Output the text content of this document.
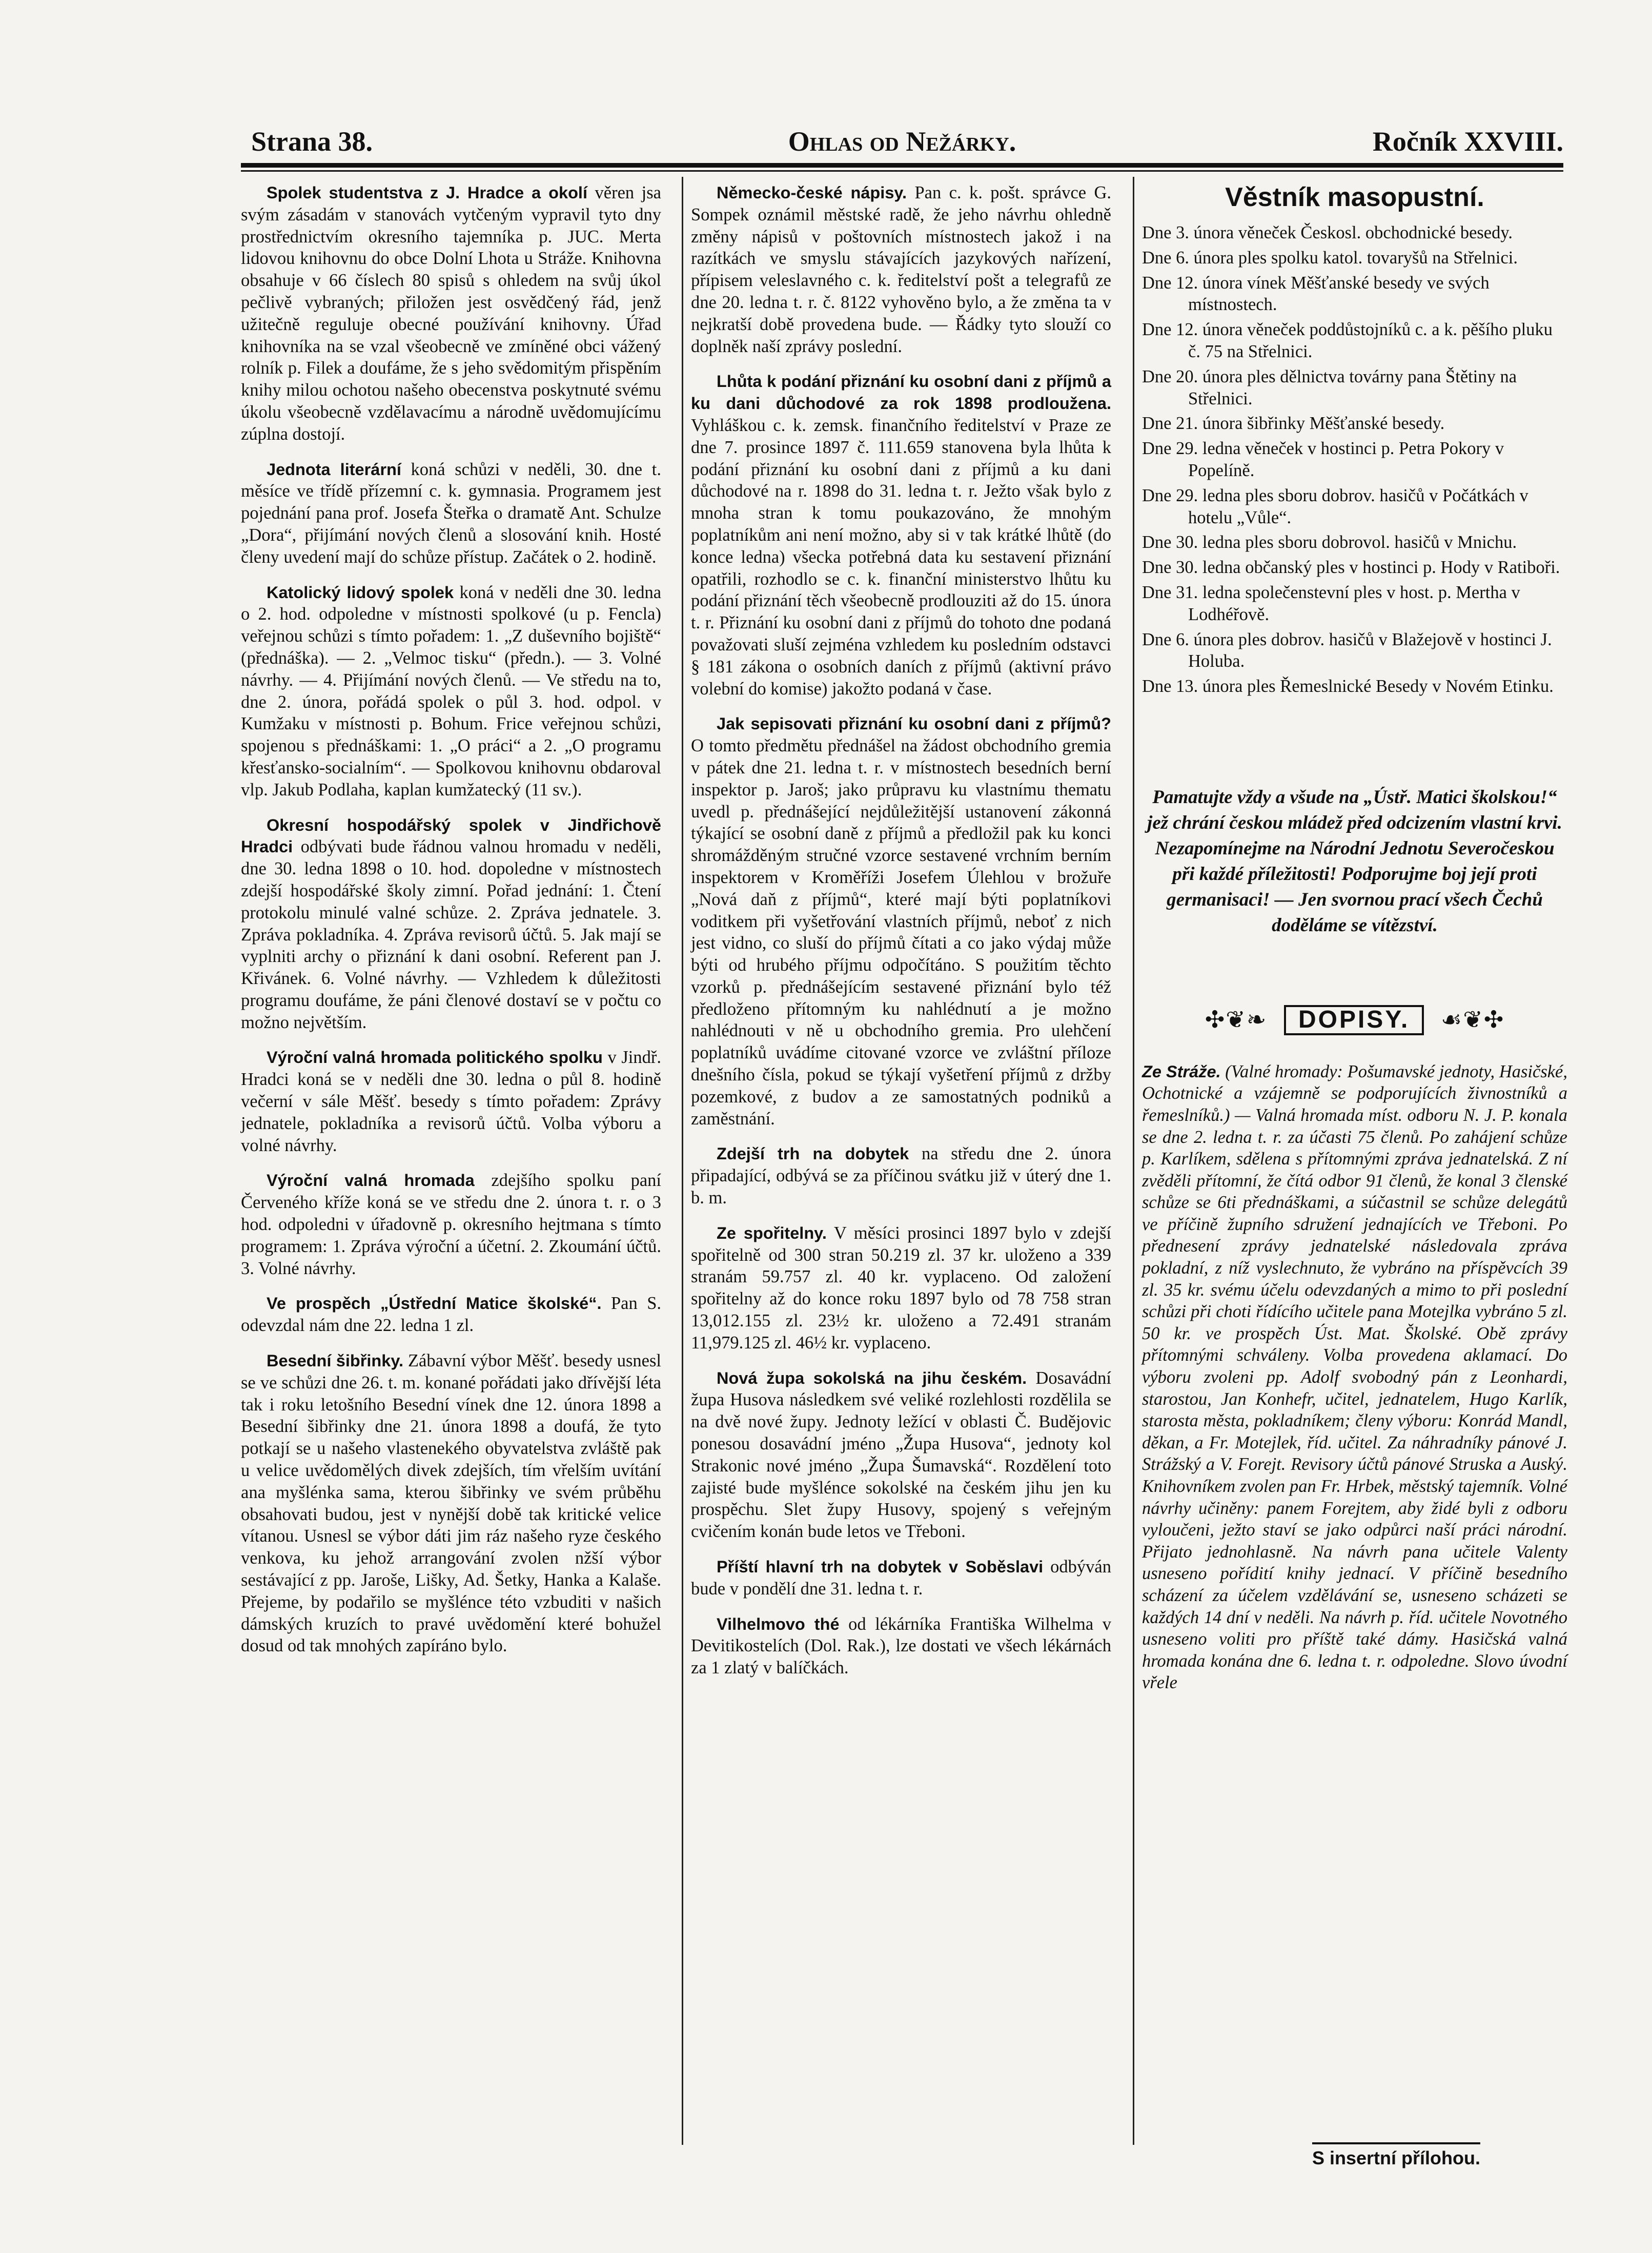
Strana 38.	Ohlas od Nežárky.	Ročník XXVIII.

Spolek studentstva z J. Hradce a okolí věren jsa svým zásadám v stanovách vytčeným vypravil tyto dny prostřednictvím okresního tajemníka p. JUC. Merta lidovou knihovnu do obce Dolní Lhota u Stráže. Knihovna obsahuje v 66 číslech 80 spisů s ohledem na svůj úkol pečlivě vybraných; přiložen jest osvědčený řád, jenž užitečně reguluje obecné používání knihovny. Úřad knihovníka na se vzal všeobecně ve zmíněné obci vážený rolník p. Filek a doufáme, že s jeho svědomitým přispěním knihy milou ochotou našeho obecenstva poskytnuté svému úkolu všeobecně vzdělavacímu a národně uvědomujícímu zúplna dostojí.

Jednota literární koná schůzi v neděli, 30. dne t. měsíce ve třídě přízemní c. k. gymnasia. Programem jest pojednání pana prof. Josefa Šteřka o dramatě Ant. Schulze „Dora“, přijímání nových členů a slosování knih. Hosté členy uvedení mají do schůze přístup. Začátek o 2. hodině.

Katolický lidový spolek koná v neděli dne 30. ledna o 2. hod. odpoledne v místnosti spolkové (u p. Fencla) veřejnou schůzi s tímto pořadem: 1. „Z duševního bojiště“ (přednáška). — 2. „Velmoc tisku“ (předn.). — 3. Volné návrhy. — 4. Přijímání nových členů. — Ve středu na to, dne 2. února, pořádá spolek o půl 3. hod. odpol. v Kumžaku v místnosti p. Bohum. Frice veřejnou schůzi, spojenou s přednáškami: 1. „O práci“ a 2. „O programu křesťansko-socialním“. — Spolkovou knihovnu obdaroval vlp. Jakub Podlaha, kaplan kumžatecký (11 sv.).

Okresní hospodářský spolek v Jindřichově Hradci odbývati bude řádnou valnou hromadu v neděli, dne 30. ledna 1898 o 10. hod. dopoledne v místnostech zdejší hospodářské školy zimní. Pořad jednání: 1. Čtení protokolu minulé valné schůze. 2. Zpráva jednatele. 3. Zpráva pokladníka. 4. Zpráva revisorů účtů. 5. Jak mají se vyplniti archy o přiznání k dani osobní. Referent pan J. Křivánek. 6. Volné návrhy. — Vzhledem k důležitosti programu doufáme, že páni členové dostaví se v počtu co možno největším.

Výroční valná hromada politického spolku v Jindř. Hradci koná se v neděli dne 30. ledna o půl 8. hodině večerní v sále Měšť. besedy s tímto pořadem: Zprávy jednatele, pokladníka a revisorů účtů. Volba výboru a volné návrhy.

Výroční valná hromada zdejšího spolku paní Červeného kříže koná se ve středu dne 2. února t. r. o 3 hod. odpoledni v úřadovně p. okresního hejtmana s tímto programem: 1. Zpráva výroční a účetní. 2. Zkoumání účtů. 3. Volné návrhy.

Ve prospěch „Ústřední Matice školské“. Pan S. odevzdal nám dne 22. ledna 1 zl.

Besední šibřinky. Zábavní výbor Měšť. besedy usnesl se ve schůzi dne 26. t. m. konané pořádati jako dřívější léta tak i roku letošního Besední vínek dne 12. února 1898 a Besední šibřinky dne 21. února 1898 a doufá, že tyto potkají se u našeho vlastenekého obyvatelstva zvláště pak u velice uvědomělých divek zdejších, tím vřelším uvítání ana myšlénka sama, kterou šibřinky ve svém průběhu obsahovati budou, jest v nynější době tak kritické velice vítanou. Usnesl se výbor dáti jim ráz našeho ryze českého venkova, ku jehož arrangování zvolen nžší výbor sestávající z pp. Jaroše, Lišky, Ad. Šetky, Hanka a Kalaše. Přejeme, by podařilo se myšlénce této vzbuditi v našich dámských kruzích to pravé uvědomění které bohužel dosud od tak mnohých zapíráno bylo.

Německo-české nápisy. Pan c. k. pošt. správce G. Sompek oznámil městské radě, že jeho návrhu ohledně změny nápisů v poštovních místnostech jakož i na razítkách ve smyslu stávajících jazykových nařízení, přípisem veleslavného c. k. ředitelství pošt a telegrafů ze dne 20. ledna t. r. č. 8122 vyhověno bylo, a že změna ta v nejkratší době provedena bude. — Řádky tyto slouží co doplněk naší zprávy poslední.

Lhůta k podání přiznání ku osobní dani z příjmů a ku dani důchodové za rok 1898 prodloužena. Vyhláškou c. k. zemsk. finančního ředitelství v Praze ze dne 7. prosince 1897 č. 111.659 stanovena byla lhůta k podání přiznání ku osobní dani z příjmů a ku dani důchodové na r. 1898 do 31. ledna t. r. Ježto však bylo z mnoha stran k tomu poukazováno, že mnohým poplatníkům ani není možno, aby si v tak krátké lhůtě (do konce ledna) všecka potřebná data ku sestavení přiznání opatřili, rozhodlo se c. k. finanční ministerstvo lhůtu ku podání přiznání těch všeobecně prodlouziti až do 15. února t. r. Přiznání ku osobní dani z příjmů do tohoto dne podaná považovati sluší zejména vzhledem ku posledním odstavci § 181 zákona o osobních daních z příjmů (aktivní právo volební do komise) jakožto podaná v čase.

Jak sepisovati přiznání ku osobní dani z příjmů? O tomto předmětu přednášel na žádost obchodního gremia v pátek dne 21. ledna t. r. v místnostech besedních berní inspektor p. Jaroš; jako průpravu ku vlastnímu thematu uvedl p. přednášející nejdůležitější ustanovení zákonná týkající se osobní daně z příjmů a předložil pak ku konci shromážděným stručné vzorce sestavené vrchním berním inspektorem v Kroměříži Josefem Úlehlou v brožuře „Nová daň z příjmů“, které mají býti poplatníkovi voditkem při vyšetřování vlastních příjmů, neboť z nich jest vidno, co sluší do příjmů čítati a co jako výdaj může býti od hrubého příjmu odpočítáno. S použitím těchto vzorků p. přednášejícím sestavené přiznání bylo též předloženo přítomným ku nahlédnutí a je možno nahlédnouti v ně u obchodního gremia. Pro ulehčení poplatníků uvádíme citované vzorce ve zvláštní příloze dnešního čísla, pokud se týkají vyšetření příjmů z držby pozemkové, z budov a ze samostatných podniků a zaměstnání.

Zdejší trh na dobytek na středu dne 2. února připadající, odbývá se za příčinou svátku již v úterý dne 1. b. m.

Ze spořitelny. V měsíci prosinci 1897 bylo v zdejší spořitelně od 300 stran 50.219 zl. 37 kr. uloženo a 339 stranám 59.757 zl. 40 kr. vyplaceno. Od založení spořitelny až do konce roku 1897 bylo od 78 758 stran 13,012.155 zl. 23½ kr. uloženo a 72.491 stranám 11,979.125 zl. 46½ kr. vyplaceno.

Nová župa sokolská na jihu českém. Dosavádní župa Husova následkem své veliké rozlehlosti rozdělila se na dvě nové župy. Jednoty ležící v oblasti Č. Budějovic ponesou dosavádní jméno „Župa Husova“, jednoty kol Strakonic nové jméno „Župa Šumavská“. Rozdělení toto zajisté bude myšlénce sokolské na českém jihu jen ku prospěchu. Slet župy Husovy, spojený s veřejným cvičením konán bude letos ve Třeboni.

Příští hlavní trh na dobytek v Soběslavi odbýván bude v pondělí dne 31. ledna t. r.

Vilhelmovo thé od lékárníka Františka Wilhelma v Devitikostelích (Dol. Rak.), lze dostati ve všech lékárnách za 1 zlatý v balíčkách.

Věstník masopustní.
Dne 3. února věneček Českosl. obchodnické besedy.
Dne 6. února ples spolku katol. tovaryšů na Střelnici.
Dne 12. února vínek Měšťanské besedy ve svých místnostech.
Dne 12. února věneček poddůstojníků c. a k. pěšího pluku č. 75 na Střelnici.
Dne 20. února ples dělnictva továrny pana Štětiny na Střelnici.
Dne 21. února šibřinky Měšťanské besedy.
Dne 29. ledna věneček v hostinci p. Petra Pokory v Popelíně.
Dne 29. ledna ples sboru dobrov. hasičů v Počátkách v hotelu „Vůle“.
Dne 30. ledna ples sboru dobrovol. hasičů v Mnichu.
Dne 30. ledna občanský ples v hostinci p. Hody v Ratiboři.
Dne 31. ledna společenstevní ples v host. p. Mertha v Lodhéřově.
Dne 6. února ples dobrov. hasičů v Blažejově v hostinci J. Holuba.
Dne 13. února ples Řemeslnické Besedy v Novém Etinku.
Pamatujte vždy a všude na „Ústř. Matici školskou!“ jež chrání českou mládež před odcizením vlastní krvi. Nezapomínejme na Národní Jednotu Severočeskou při každé příležitosti! Podporujme boj její proti germanisaci! — Jen svornou prací všech Čechů doděláme se vítězství.
✣❦❧ DOPISY. ☙❦✣

Ze Stráže. (Valné hromady: Pošumavské jednoty, Hasičské, Ochotnické a vzájemně se podporujících živnostníků a řemeslníků.) — Valná hromada míst. odboru N. J. P. konala se dne 2. ledna t. r. za účasti 75 členů. Po zahájení schůze p. Karlíkem, sdělena s přítomnými zpráva jednatelská. Z ní zvěděli přítomní, že čítá odbor 91 členů, že konal 3 členské schůze se 6ti přednáškami, a súčastnil se schůze delegátů ve příčině župního sdružení jednajících ve Třeboni. Po přednesení zprávy jednatelské následovala zpráva pokladní, z níž vyslechnuto, že vybráno na příspěvcích 39 zl. 35 kr. svému účelu odevzdaných a mimo to při poslední schůzi při choti řídícího učitele pana Motejlka vybráno 5 zl. 50 kr. ve prospěch Úst. Mat. Školské. Obě zprávy přítomnými schváleny. Volba provedena aklamací. Do výboru zvoleni pp. Adolf svobodný pán z Leonhardi, starostou, Jan Konhefr, učitel, jednatelem, Hugo Karlík, starosta města, pokladníkem; členy výboru: Konrád Mandl, děkan, a Fr. Motejlek, říd. učitel. Za náhradníky pánové J. Strážský a V. Forejt. Revisory účtů pánové Struska a Auský. Knihovníkem zvolen pan Fr. Hrbek, městský tajemník. Volné návrhy učiněny: panem Forejtem, aby židé byli z odboru vyloučeni, ježto staví se jako odpůrci naší práci národní. Přijato jednohlasně. Na návrh pana učitele Valenty usneseno pořídití knihy jednací. V příčině besedního scházení za účelem vzdělávání se, usneseno scházeti se každých 14 dní v neděli. Na návrh p. říd. učitele Novotného usneseno voliti pro příště také dámy. Hasičská valná hromada konána dne 6. ledna t. r. odpoledne. Slovo úvodní vřele

S insertní přílohou.
